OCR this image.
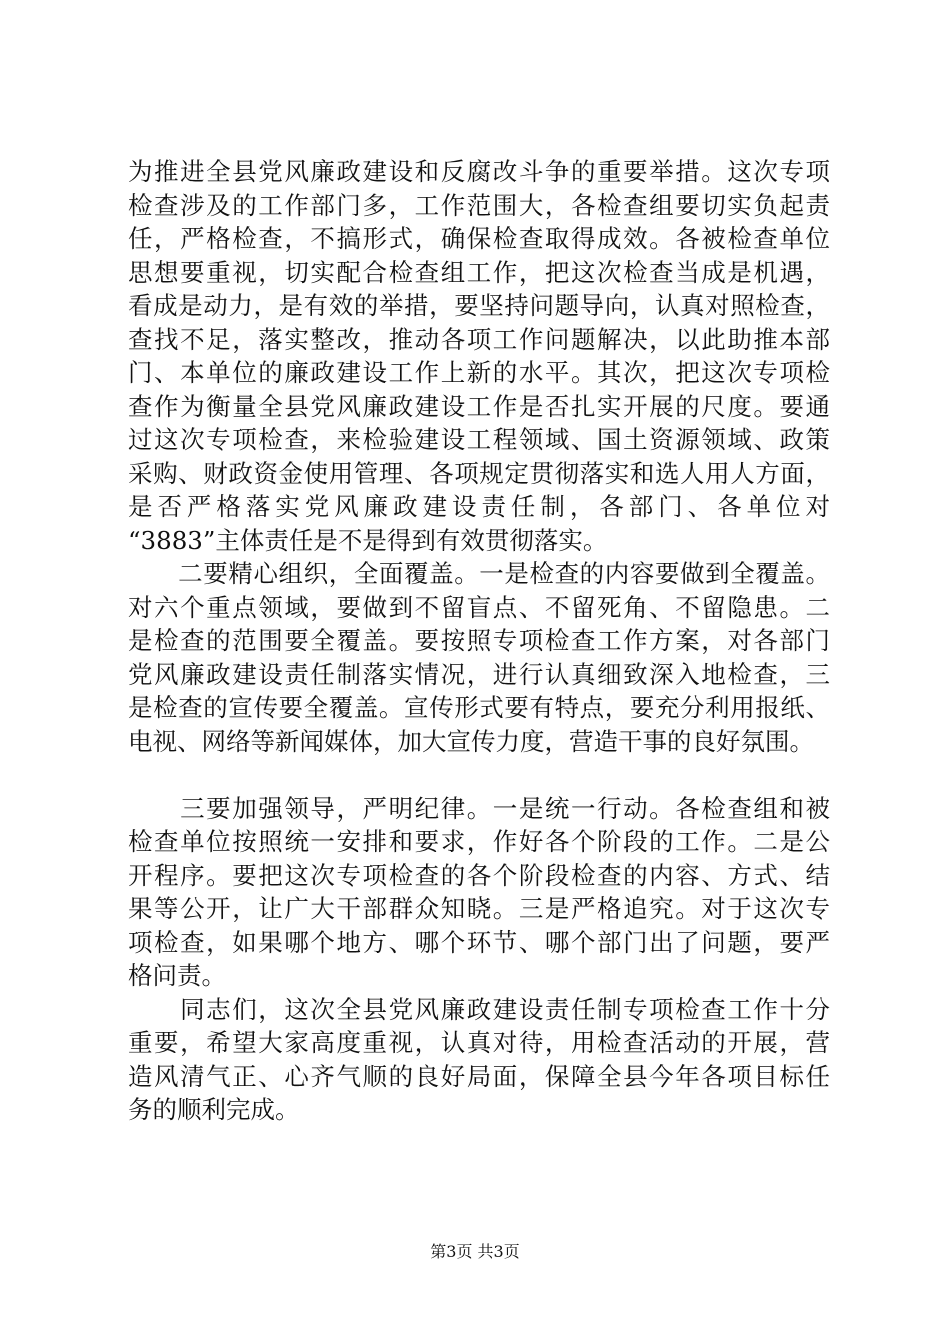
为推进全县党风廉政建设和反腐改斗争的重要举措。这次专项
检查涉及的工作部门多，工作范围大，各检查组要切实负起责
任，严格检查，不搞形式，确保检查取得成效。各被检查单位
思想要重视，切实配合检查组工作，把这次检查当成是机遇，
看成是动力，是有效的举措，要坚持问题导向，认真对照检查，
查找不足，落实整改，推动各项工作问题解决，以此助推本部
门、本单位的廉政建设工作上新的水平。其次，把这次专项检
查作为衡量全县党风廉政建设工作是否扎实开展的尺度。要通
过这次专项检查，来检验建设工程领域、国土资源领域、政策
采购、财政资金使用管理、各项规定贯彻落实和选人用人方面，
是否严格落实党风廉政建设责任制，各部门、各单位对
“3883”主体责任是不是得到有效贯彻落实。
　　二要精心组织，全面覆盖。一是检查的内容要做到全覆盖。
对六个重点领域，要做到不留盲点、不留死角、不留隐患。二
是检查的范围要全覆盖。要按照专项检查工作方案，对各部门
党风廉政建设责任制落实情况，进行认真细致深入地检查，三
是检查的宣传要全覆盖。宣传形式要有特点，要充分利用报纸、
电视、网络等新闻媒体，加大宣传力度，营造干事的良好氛围。
　　三要加强领导，严明纪律。一是统一行动。各检查组和被
检查单位按照统一安排和要求，作好各个阶段的工作。二是公
开程序。要把这次专项检查的各个阶段检查的内容、方式、结
果等公开，让广大干部群众知晓。三是严格追究。对于这次专
项检查，如果哪个地方、哪个环节、哪个部门出了问题，要严
格问责。
　　同志们，这次全县党风廉政建设责任制专项检查工作十分
重要，希望大家高度重视，认真对待，用检查活动的开展，营
造风清气正、心齐气顺的良好局面，保障全县今年各项目标任
务的顺利完成。
第3页 共3页
